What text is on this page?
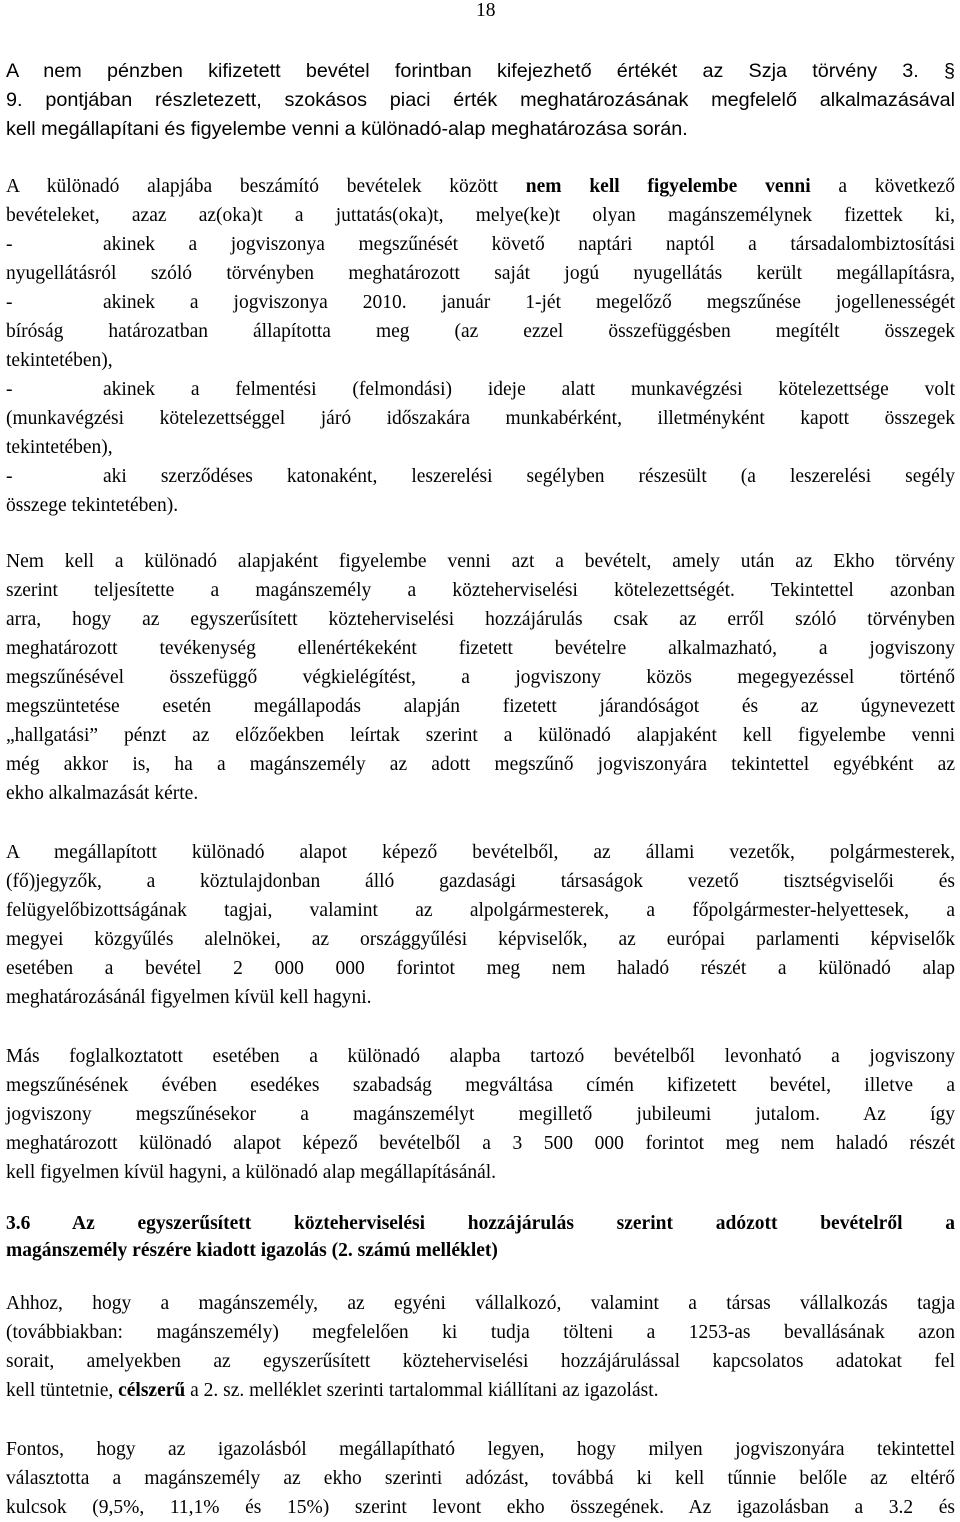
18
A nem pénzben kifizetett bevétel forintban kifejezhető értékét az Szja törvény 3. §
9. pontjában részletezett, szokásos piaci érték meghatározásának megfelelő alkalmazásával
kell megállapítani és figyelembe venni a különadó-alap meghatározása során.
A különadó alapjába beszámító bevételek között nem kell figyelembe venni a következő
bevételeket, azaz az(oka)t a juttatás(oka)t, melye(ke)t olyan magánszemélynek fizettek ki,
-	akinek a jogviszonya megszűnését követő naptári naptól a társadalombiztosítási
nyugellátásról szóló törvényben meghatározott saját jogú nyugellátás került megállapításra,
-	akinek a jogviszonya 2010. január 1-jét megelőző megszűnése jogellenességét
bíróság határozatban állapította meg (az ezzel összefüggésben megítélt összegek
tekintetében),
-	akinek a felmentési (felmondási) ideje alatt munkavégzési kötelezettsége volt
(munkavégzési kötelezettséggel járó időszakára munkabérként, illetményként kapott összegek
tekintetében),
-	aki szerződéses katonaként, leszerelési segélyben részesült (a leszerelési segély
összege tekintetében).
Nem kell a különadó alapjaként figyelembe venni azt a bevételt, amely után az Ekho törvény
szerint teljesítette a magánszemély a közteherviselési kötelezettségét. Tekintettel azonban
arra, hogy az egyszerűsített közteherviselési hozzájárulás csak az erről szóló törvényben
meghatározott tevékenység ellenértékeként fizetett bevételre alkalmazható, a jogviszony
megszűnésével összefüggő végkielégítést, a jogviszony közös megegyezéssel történő
megszüntetése esetén megállapodás alapján fizetett járandóságot és az úgynevezett
„hallgatási” pénzt az előzőekben leírtak szerint a különadó alapjaként kell figyelembe venni
még akkor is, ha a magánszemély az adott megszűnő jogviszonyára tekintettel egyébként az
ekho alkalmazását kérte.
A megállapított különadó alapot képező bevételből, az állami vezetők, polgármesterek,
(fő)jegyzők, a köztulajdonban álló gazdasági társaságok vezető tisztségviselői és
felügyelőbizottságának tagjai, valamint az alpolgármesterek, a főpolgármester-helyettesek, a
megyei közgyűlés alelnökei, az országgyűlési képviselők, az európai parlamenti képviselők
esetében a bevétel 2 000 000 forintot meg nem haladó részét a különadó alap
meghatározásánál figyelmen kívül kell hagyni.
Más foglalkoztatott esetében a különadó alapba tartozó bevételből levonható a jogviszony
megszűnésének évében esedékes szabadság megváltása címén kifizetett bevétel, illetve a
jogviszony megszűnésekor a magánszemélyt megillető jubileumi jutalom. Az így
meghatározott különadó alapot képező bevételből a 3 500 000 forintot meg nem haladó részét
kell figyelmen kívül hagyni, a különadó alap megállapításánál.
3.6 Az egyszerűsített közteherviselési hozzájárulás szerint adózott bevételről a
magánszemély részére kiadott igazolás (2. számú melléklet)
Ahhoz, hogy a magánszemély, az egyéni vállalkozó, valamint a társas vállalkozás tagja
(továbbiakban: magánszemély) megfelelően ki tudja tölteni a 1253-as bevallásának azon
sorait, amelyekben az egyszerűsített közteherviselési hozzájárulással kapcsolatos adatokat fel
kell tüntetnie, célszerű a 2. sz. melléklet szerinti tartalommal kiállítani az igazolást.
Fontos, hogy az igazolásból megállapítható legyen, hogy milyen jogviszonyára tekintettel
választotta a magánszemély az ekho szerinti adózást, továbbá ki kell tűnnie belőle az eltérő
kulcsok (9,5%, 11,1% és 15%) szerint levont ekho összegének. Az igazolásban a 3.2 és
